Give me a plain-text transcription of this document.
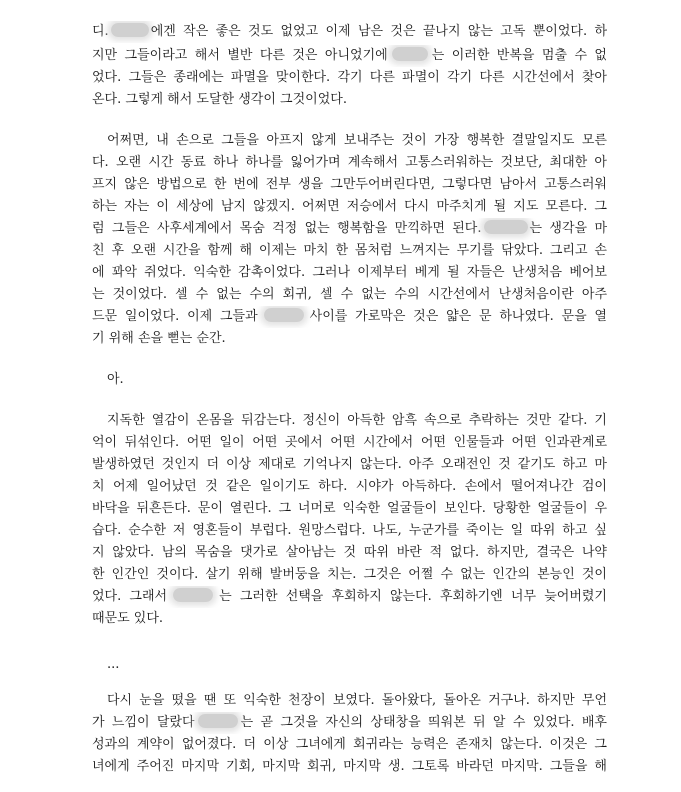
디.	에겐 작은 좋은 것도 없었고 이제 남은 것은 끝나지 않는 고독 뿐이었다. 하
지만 그들이라고 해서 별반 다른 것은 아니었기에	는 이러한 반복을 멈출 수 없
었다. 그들은 종래에는 파멸을 맞이한다. 각기 다른 파멸이 각기 다른 시간선에서 찾아
온다. 그렇게 해서 도달한 생각이 그것이었다.
어쩌면, 내 손으로 그들을 아프지 않게 보내주는 것이 가장 행복한 결말일지도 모른
다. 오랜 시간 동료 하나 하나를 잃어가며 계속해서 고통스러워하는 것보단, 최대한 아
프지 않은 방법으로 한 번에 전부 생을 그만두어버린다면, 그렇다면 남아서 고통스러워
하는 자는 이 세상에 남지 않겠지. 어쩌면 저승에서 다시 마주치게 될 지도 모른다. 그
럼 그들은 사후세계에서 목숨 걱정 없는 행복함을 만끽하면 된다.	는 생각을 마
친 후 오랜 시간을 함께 해 이제는 마치 한 몸처럼 느껴지는 무기를 닦았다. 그리고 손
에 꽈악 쥐었다. 익숙한 감촉이었다. 그러나 이제부터 베게 될 자들은 난생처음 베어보
는 것이었다. 셀 수 없는 수의 회귀, 셀 수 없는 수의 시간선에서 난생처음이란 아주
드문 일이었다. 이제 그들과	사이를 가로막은 것은 얇은 문 하나였다. 문을 열
기 위해 손을 뻗는 순간.
아.
지독한 열감이 온몸을 뒤감는다. 정신이 아득한 암흑 속으로 추락하는 것만 같다. 기
억이 뒤섞인다. 어떤 일이 어떤 곳에서 어떤 시간에서 어떤 인물들과 어떤 인과관계로
발생하였던 것인지 더 이상 제대로 기억나지 않는다. 아주 오래전인 것 같기도 하고 마
치 어제 일어났던 것 같은 일이기도 하다. 시야가 아득하다. 손에서 떨어져나간 검이
바닥을 뒤흔든다. 문이 열린다. 그 너머로 익숙한 얼굴들이 보인다. 당황한 얼굴들이 우
습다. 순수한 저 영혼들이 부럽다. 원망스럽다. 나도, 누군가를 죽이는 일 따위 하고 싶
지 않았다. 남의 목숨을 댓가로 살아남는 것 따위 바란 적 없다. 하지만, 결국은 나약
한 인간인 것이다. 살기 위해 발버둥을 치는. 그것은 어쩔 수 없는 인간의 본능인 것이
었다. 그래서	는 그러한 선택을 후회하지 않는다. 후회하기엔 너무 늦어버렸기
때문도 있다.
...
다시 눈을 떴을 땐 또 익숙한 천장이 보였다. 돌아왔다, 돌아온 거구나. 하지만 무언
가 느낌이 달랐다	는 곧 그것을 자신의 상태창을 띄워본 뒤 알 수 있었다. 배후
성과의 계약이 없어졌다. 더 이상 그녀에게 회귀라는 능력은 존재치 않는다. 이것은 그
녀에게 주어진 마지막 기회, 마지막 회귀, 마지막 생. 그토록 바라던 마지막. 그들을 해
